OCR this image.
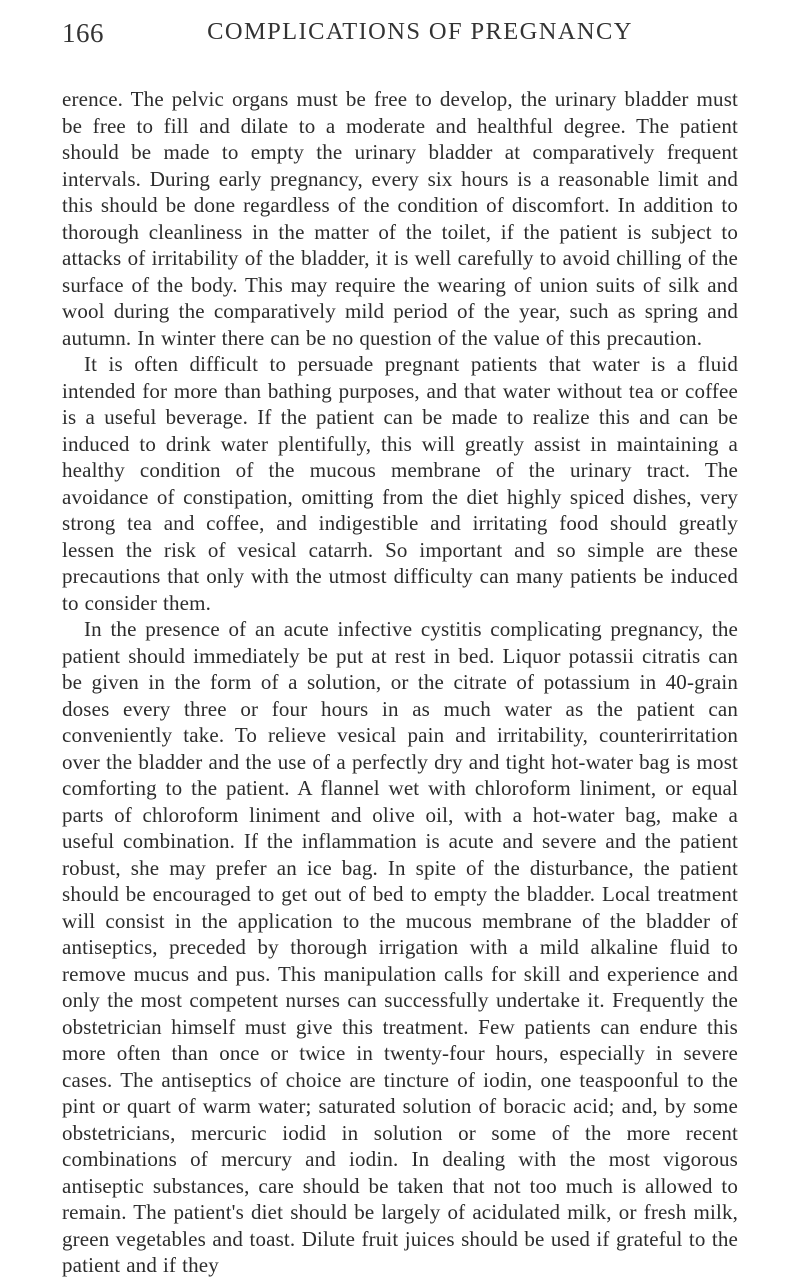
166	COMPLICATIONS OF PREGNANCY

erence. The pelvic organs must be free to develop, the urinary bladder must be free to fill and dilate to a moderate and healthful degree. The patient should be made to empty the urinary bladder at comparatively frequent intervals. During early pregnancy, every six hours is a reasonable limit and this should be done regardless of the condition of discomfort. In addition to thorough cleanliness in the matter of the toilet, if the patient is subject to attacks of irritability of the bladder, it is well carefully to avoid chilling of the surface of the body. This may require the wearing of union suits of silk and wool during the comparatively mild period of the year, such as spring and autumn. In winter there can be no question of the value of this precaution.

It is often difficult to persuade pregnant patients that water is a fluid intended for more than bathing purposes, and that water without tea or coffee is a useful beverage. If the patient can be made to realize this and can be induced to drink water plentifully, this will greatly assist in maintaining a healthy condition of the mucous membrane of the urinary tract. The avoidance of constipation, omitting from the diet highly spiced dishes, very strong tea and coffee, and indigestible and irritating food should greatly lessen the risk of vesical catarrh. So important and so simple are these precautions that only with the utmost difficulty can many patients be induced to consider them.

In the presence of an acute infective cystitis complicating pregnancy, the patient should immediately be put at rest in bed. Liquor potassii citratis can be given in the form of a solution, or the citrate of potassium in 40-grain doses every three or four hours in as much water as the patient can conveniently take. To relieve vesical pain and irritability, counterirritation over the bladder and the use of a perfectly dry and tight hot-water bag is most comforting to the patient. A flannel wet with chloroform liniment, or equal parts of chloroform liniment and olive oil, with a hot-water bag, make a useful combination. If the inflammation is acute and severe and the patient robust, she may prefer an ice bag. In spite of the disturbance, the patient should be encouraged to get out of bed to empty the bladder. Local treatment will consist in the application to the mucous membrane of the bladder of antiseptics, preceded by thorough irrigation with a mild alkaline fluid to remove mucus and pus. This manipulation calls for skill and experience and only the most competent nurses can successfully undertake it. Frequently the obstetrician himself must give this treatment. Few patients can endure this more often than once or twice in twenty-four hours, especially in severe cases. The antiseptics of choice are tincture of iodin, one teaspoonful to the pint or quart of warm water; saturated solution of boracic acid; and, by some obstetricians, mercuric iodid in solution or some of the more recent combinations of mercury and iodin. In dealing with the most vigorous antiseptic substances, care should be taken that not too much is allowed to remain. The patient's diet should be largely of acidulated milk, or fresh milk, green vegetables and toast. Dilute fruit juices should be used if grateful to the patient and if they
